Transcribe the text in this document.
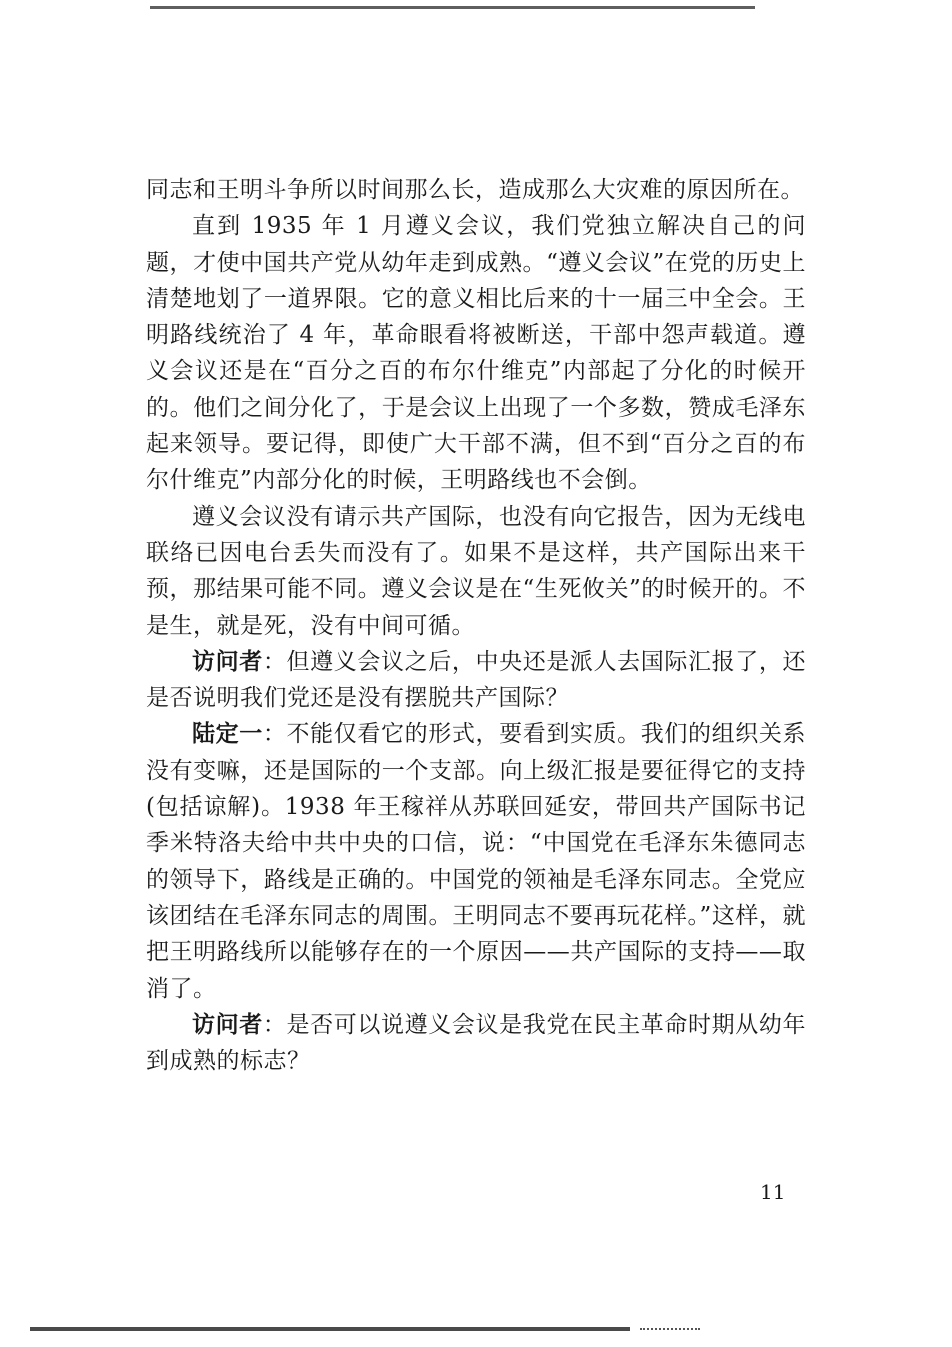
同志和王明斗争所以时间那么长，造成那么大灾难的原因所在。

直到 1935 年 1 月遵义会议，我们党独立解决自己的问题，才使中国共产党从幼年走到成熟。“遵义会议”在党的历史上清楚地划了一道界限。它的意义相比后来的十一届三中全会。王明路线统治了 4 年，革命眼看将被断送，干部中怨声载道。遵义会议还是在“百分之百的布尔什维克”内部起了分化的时候开的。他们之间分化了，于是会议上出现了一个多数，赞成毛泽东起来领导。要记得，即使广大干部不满，但不到“百分之百的布尔什维克”内部分化的时候，王明路线也不会倒。

遵义会议没有请示共产国际，也没有向它报告，因为无线电联络已因电台丢失而没有了。如果不是这样，共产国际出来干预，那结果可能不同。遵义会议是在“生死攸关”的时候开的。不是生，就是死，没有中间可循。

访问者：但遵义会议之后，中央还是派人去国际汇报了，还是否说明我们党还是没有摆脱共产国际？

陆定一：不能仅看它的形式，要看到实质。我们的组织关系没有变嘛，还是国际的一个支部。向上级汇报是要征得它的支持(包括谅解)。1938 年王稼祥从苏联回延安，带回共产国际书记季米特洛夫给中共中央的口信，说：“中国党在毛泽东朱德同志的领导下，路线是正确的。中国党的领袖是毛泽东同志。全党应该团结在毛泽东同志的周围。王明同志不要再玩花样。”这样，就把王明路线所以能够存在的一个原因——共产国际的支持——取消了。

访问者：是否可以说遵义会议是我党在民主革命时期从幼年到成熟的标志？

11
